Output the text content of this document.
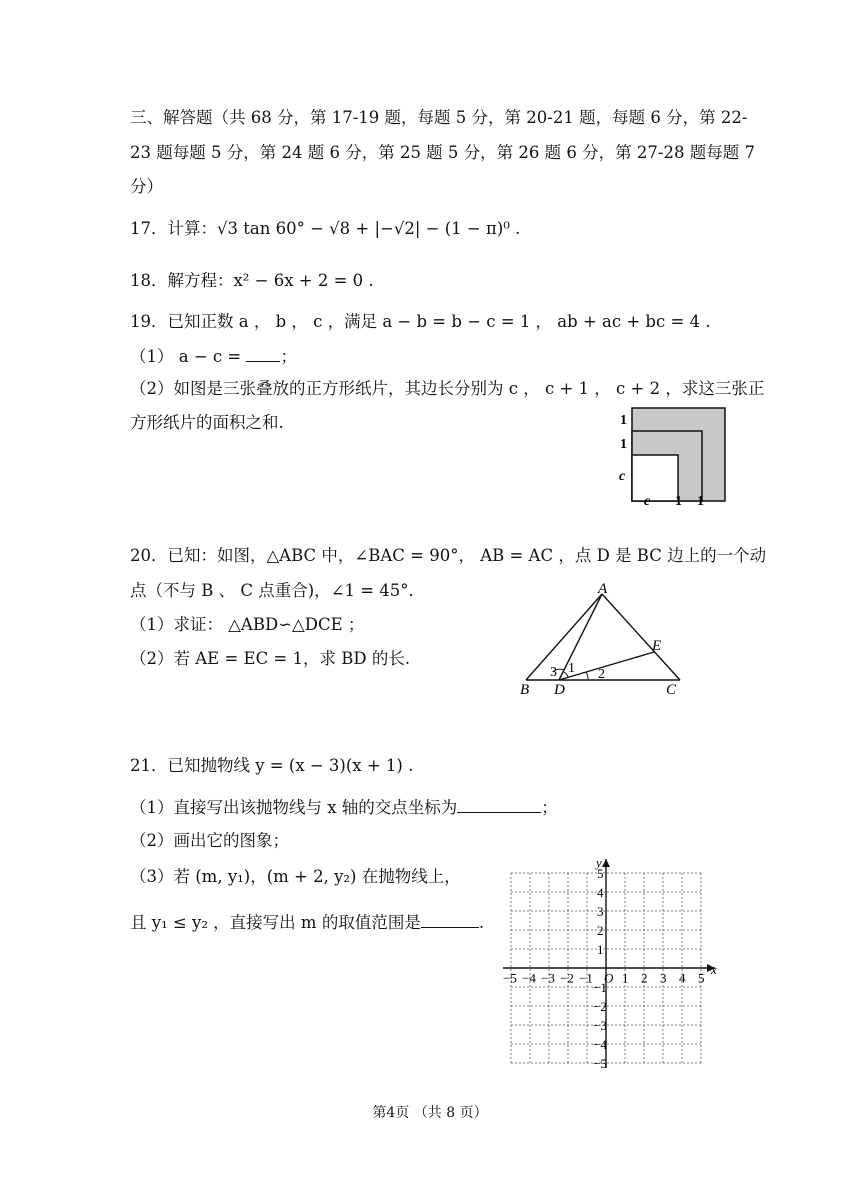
三、解答题（共 68 分，第 17-19 题，每题 5 分，第 20-21 题，每题 6 分，第 22-
23 题每题 5 分，第 24 题 6 分，第 25 题 5 分，第 26 题 6 分，第 27-28 题每题 7
分）
17．计算：√3 tan 60° − √8 + |−√2| − (1 − π)⁰ .
18．解方程：x² − 6x + 2 = 0 .
19．已知正数 a ， b ， c ，满足 a − b = b − c = 1 ， ab + ac + bc = 4 .
（1） a − c = ；
（2）如图是三张叠放的正方形纸片，其边长分别为 c ， c + 1 ， c + 2 ，求这三张正
方形纸片的面积之和.	1
1
c
c 1 1
20．已知：如图，△ABC 中，∠BAC = 90°， AB = AC ，点 D 是 BC 边上的一个动
点（不与 B 、 C 点重合)，∠1 = 45°．
（1）求证： △ABD∽△DCE ；
（2）若 AE = EC = 1，求 BD 的长.
A
B D	C
E
3 1 2
21．已知抛物线 y = (x − 3)(x + 1) .
（1）直接写出该抛物线与 x 轴的交点坐标为	；
（2）画出它的图象；
（3）若 (m, y₁)，(m + 2, y₂) 在抛物线上，
且 y₁ ≤ y₂ ，直接写出 m 的取值范围是	.
−5 −4 −3 −2 −1 1 2 3 4 5
5
4
3
2
1
−1
−2
−3
−4
−5
x
y
O
第4页 （共 8 页）
